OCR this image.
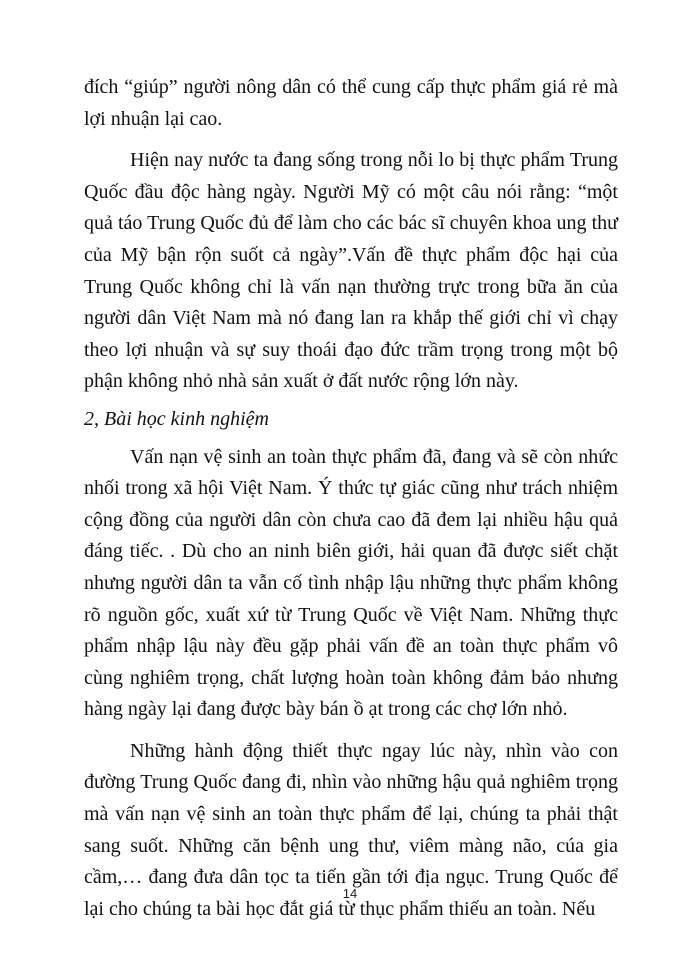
đích “giúp” người nông dân có thể cung cấp thực phẩm giá rẻ mà lợi nhuận lại cao.

Hiện nay nước ta đang sống trong nỗi lo bị thực phẩm Trung Quốc đầu độc hàng ngày. Người Mỹ có một câu nói rằng: “một quả táo Trung Quốc đủ để làm cho các bác sĩ chuyên khoa ung thư của Mỹ bận rộn suốt cả ngày”.Vấn đề thực phẩm độc hại của Trung Quốc không chỉ là vấn nạn thường trực trong bữa ăn của người dân Việt Nam mà nó đang lan ra khắp thế giới chỉ vì chạy theo lợi nhuận và sự suy thoái đạo đức trầm trọng trong một bộ phận không nhỏ nhà sản xuất ở đất nước rộng lớn này.

2, Bài học kinh nghiệm

Vấn nạn vệ sinh an toàn thực phẩm đã, đang và sẽ còn nhức nhối trong xã hội Việt Nam. Ý thức tự giác cũng như trách nhiệm cộng đồng của người dân còn chưa cao đã đem lại nhiều hậu quả đáng tiếc. . Dù cho an ninh biên giới, hải quan đã được siết chặt nhưng người dân ta vẫn cố tình nhập lậu những thực phẩm không rõ nguồn gốc, xuất xứ từ Trung Quốc về Việt Nam. Những thực phẩm nhập lậu này đều gặp phải vấn đề an toàn thực phẩm vô cùng nghiêm trọng, chất lượng hoàn toàn không đảm bảo nhưng hàng ngày lại đang được bày bán ồ ạt trong các chợ lớn nhỏ.

Những hành động thiết thực ngay lúc này, nhìn vào con đường Trung Quốc đang đi, nhìn vào những hậu quả nghiêm trọng mà vấn nạn vệ sinh an toàn thực phẩm để lại, chúng ta phải thật sang suốt. Những căn bệnh ung thư, viêm màng não, cúa gia cầm,… đang đưa dân tọc ta tiến gần tới địa ngục. Trung Quốc để lại cho chúng ta bài học đắt giá từ thục phẩm thiếu an toàn. Nếu

14
